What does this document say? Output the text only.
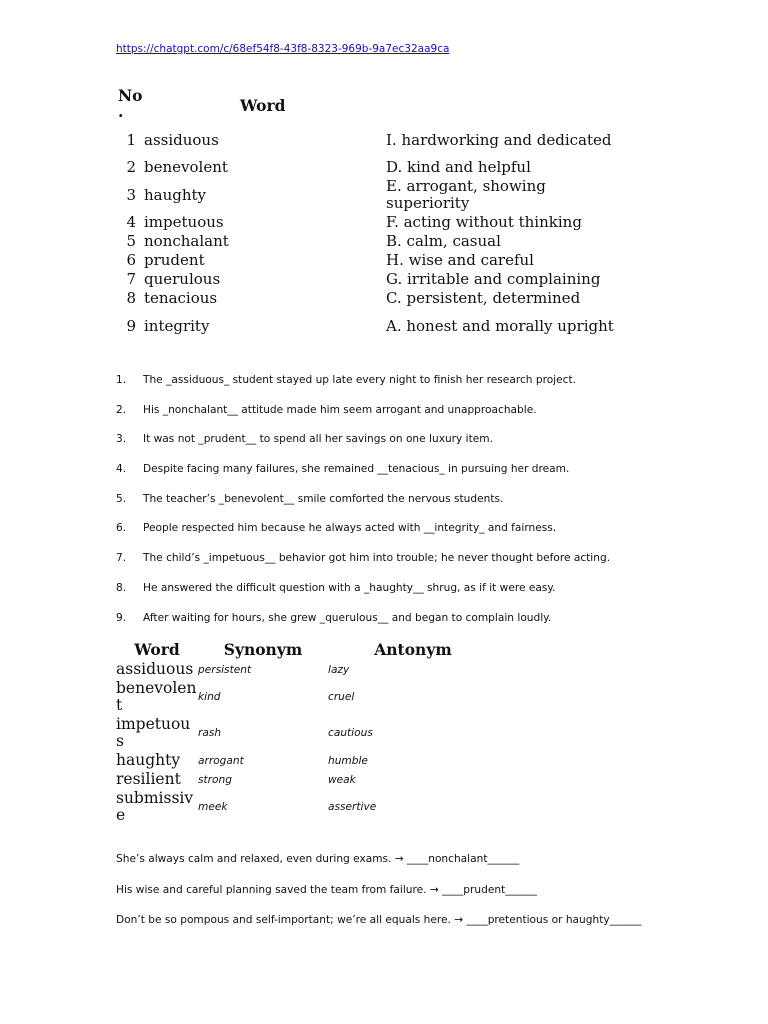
https://chatgpt.com/c/68ef54f8-43f8-8323-969b-9a7ec32aa9ca
No
.	Word
1 assiduous	I. hardworking and dedicated
2 benevolent	D. kind and helpful
3 haughty	E. arrogant, showing superiority
4 impetuous	F. acting without thinking
5 nonchalant	B. calm, casual
6 prudent	H. wise and careful
7 querulous	G. irritable and complaining
8 tenacious	C. persistent, determined
9 integrity	A. honest and morally upright
1.	The _assiduous_ student stayed up late every night to finish her research project.
2.	His _nonchalant__ attitude made him seem arrogant and unapproachable.
3.	It was not _prudent__ to spend all her savings on one luxury item.
4.	Despite facing many failures, she remained __tenacious_ in pursuing her dream.
5.	The teacher’s _benevolent__ smile comforted the nervous students.
6.	People respected him because he always acted with __integrity_ and fairness.
7.	The child’s _impetuous__ behavior got him into trouble; he never thought before acting.
8.	He answered the difficult question with a _haughty__ shrug, as if it were easy.
9.	After waiting for hours, she grew _querulous__ and began to complain loudly.
Word	Synonym	Antonym
assiduous persistent	lazy
benevolent	kind	cruel
impetuous	rash	cautious
haughty	arrogant	humble
resilient	strong	weak
submissive	meek	assertive
She’s always calm and relaxed, even during exams. → ____nonchalant______
His wise and careful planning saved the team from failure. → ____prudent______
Don’t be so pompous and self-important; we’re all equals here. → ____pretentious or haughty______
